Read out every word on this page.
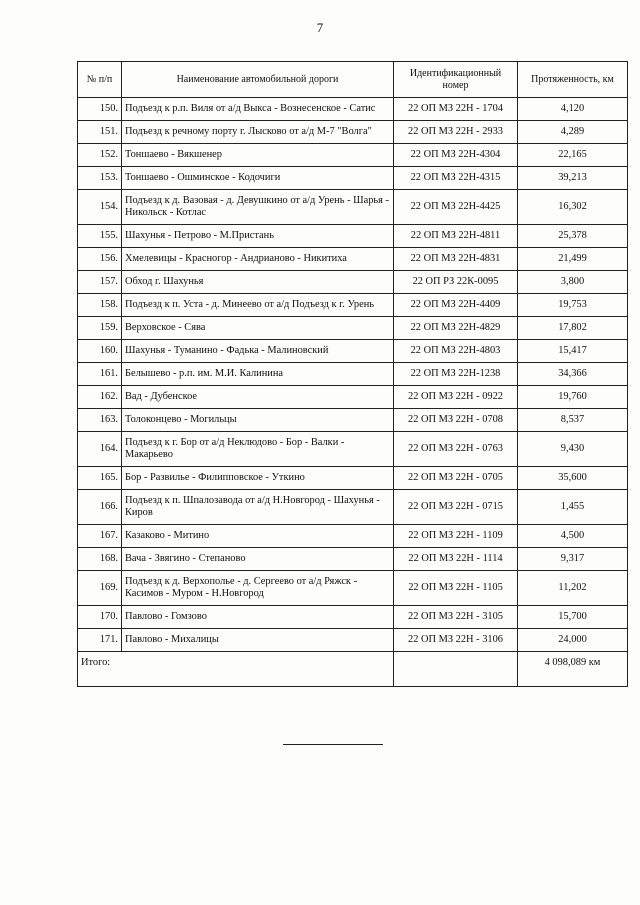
7
№ п/п	Наименование автомобильной дороги	Идентификационный номер	Протяженность, км
150.	Подъезд к р.п. Виля от а/д Выкса - Вознесенское - Сатис	22 ОП МЗ 22Н - 1704	4,120
151.	Подъезд к речному порту г. Лысково от а/д М-7 "Волга"	22 ОП МЗ 22Н - 2933	4,289
152.	Тоншаево - Вякшенер	22 ОП МЗ 22Н-4304	22,165
153.	Тоншаево - Ошминское - Кодочиги	22 ОП МЗ 22Н-4315	39,213
154.	Подъезд к д. Вазовая - д. Девушкино от а/д Урень - Шарья - Никольск - Котлас	22 ОП МЗ 22Н-4425	16,302
155.	Шахунья - Петрово - М.Пристань	22 ОП МЗ 22Н-4811	25,378
156.	Хмелевицы - Красногор - Андрианово - Никитиха	22 ОП МЗ 22Н-4831	21,499
157.	Обход г. Шахунья	22 ОП РЗ 22К-0095	3,800
158.	Подъезд к п. Уста - д. Минеево от а/д Подъезд к г. Урень	22 ОП МЗ 22Н-4409	19,753
159.	Верховское - Сява	22 ОП МЗ 22Н-4829	17,802
160.	Шахунья - Туманино - Фадька - Малиновский	22 ОП МЗ 22Н-4803	15,417
161.	Белышево - р.п. им. М.И. Калинина	22 ОП МЗ 22Н-1238	34,366
162.	Вад - Дубенское	22 ОП МЗ 22Н - 0922	19,760
163.	Толоконцево - Могильцы	22 ОП МЗ 22Н - 0708	8,537
164.	Подъезд к г. Бор от а/д Неклюдово - Бор - Валки - Макарьево	22 ОП МЗ 22Н - 0763	9,430
165.	Бор - Развилье - Филипповское - Уткино	22 ОП МЗ 22Н - 0705	35,600
166.	Подъезд к п. Шпалозавода от а/д Н.Новгород - Шахунья - Киров	22 ОП МЗ 22Н - 0715	1,455
167.	Казаково - Митино	22 ОП МЗ 22Н - 1109	4,500
168.	Вача - Звягино - Степаново	22 ОП МЗ 22Н - 1114	9,317
169.	Подъезд к д. Верхополье - д. Сергеево от а/д Ряжск - Касимов - Муром - Н.Новгород	22 ОП МЗ 22Н - 1105	11,202
170.	Павлово - Гомзово	22 ОП МЗ 22Н - 3105	15,700
171.	Павлово - Михалицы	22 ОП МЗ 22Н - 3106	24,000
Итого:			4 098,089 км
